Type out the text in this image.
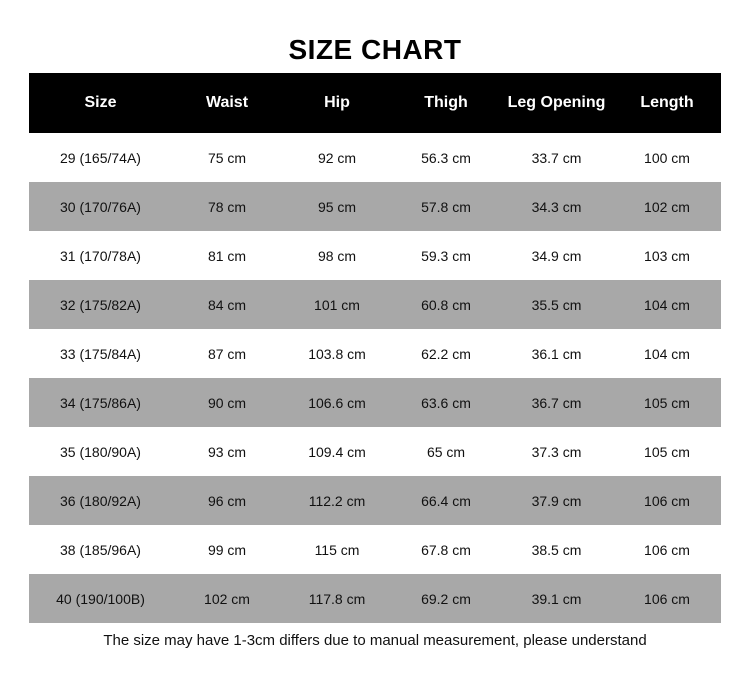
SIZE CHART
Size	Waist	Hip	Thigh	Leg Opening	Length
29 (165/74A)	75 cm	92 cm	56.3 cm	33.7 cm	100 cm
30 (170/76A)	78 cm	95 cm	57.8 cm	34.3 cm	102 cm
31 (170/78A)	81 cm	98 cm	59.3 cm	34.9 cm	103 cm
32 (175/82A)	84 cm	101 cm	60.8 cm	35.5 cm	104 cm
33 (175/84A)	87 cm	103.8 cm	62.2 cm	36.1 cm	104 cm
34 (175/86A)	90 cm	106.6 cm	63.6 cm	36.7 cm	105 cm
35 (180/90A)	93 cm	109.4 cm	65 cm	37.3 cm	105 cm
36 (180/92A)	96 cm	112.2 cm	66.4 cm	37.9 cm	106 cm
38 (185/96A)	99 cm	115 cm	67.8 cm	38.5 cm	106 cm
40 (190/100B)	102 cm	117.8 cm	69.2 cm	39.1 cm	106 cm
The size may have 1-3cm differs due to manual measurement, please understand
